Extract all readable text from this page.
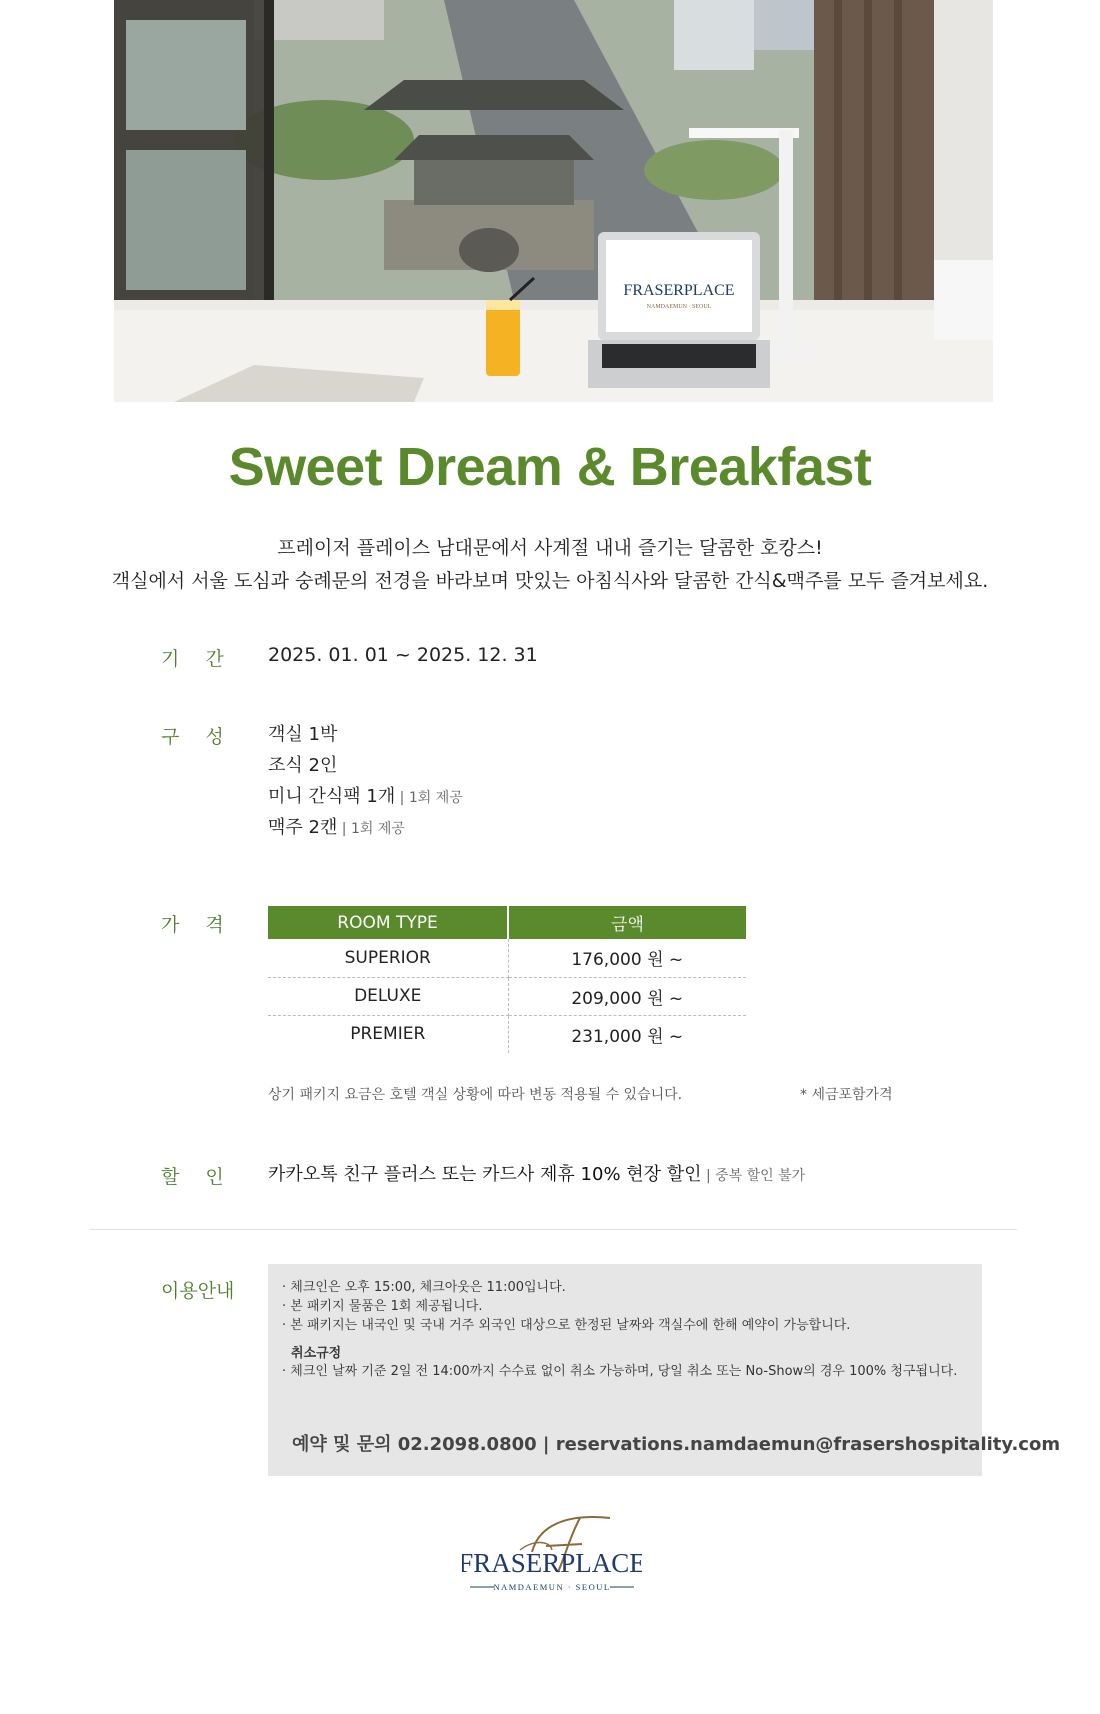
FRASERPLACE
NAMDAEMUN · SEOUL
Sweet Dream & Breakfast
프레이저 플레이스 남대문에서 사계절 내내 즐기는 달콤한 호캉스!
객실에서 서울 도심과 숭례문의 전경을 바라보며 맛있는 아침식사와 달콤한 간식&맥주를 모두 즐겨보세요.
기간 2025. 01. 01 ~ 2025. 12. 31
구성 객실 1박
조식 2인
미니 간식팩 1개 | 1회 제공
맥주 2캔 | 1회 제공
가격	ROOM TYPE	금액
SUPERIOR	176,000 원 ~
DELUXE	209,000 원 ~
PREMIER	231,000 원 ~
상기 패키지 요금은 호텔 객실 상황에 따라 변동 적용될 수 있습니다.	* 세금포함가격
할인 카카오톡 친구 플러스 또는 카드사 제휴 10% 현장 할인 | 중복 할인 불가
이용안내	· 체크인은 오후 15:00, 체크아웃은 11:00입니다.
· 본 패키지 물품은 1회 제공됩니다.
· 본 패키지는 내국인 및 국내 거주 외국인 대상으로 한정된 날짜와 객실수에 한해 예약이 가능합니다.
취소규정
· 체크인 날짜 기준 2일 전 14:00까지 수수료 없이 취소 가능하며, 당일 취소 또는 No-Show의 경우 100% 청구됩니다.
예약 및 문의 02.2098.0800 | reservations.namdaemun@frasershospitality.com
FRASERPLACE
NAMDAEMUN · SEOUL
